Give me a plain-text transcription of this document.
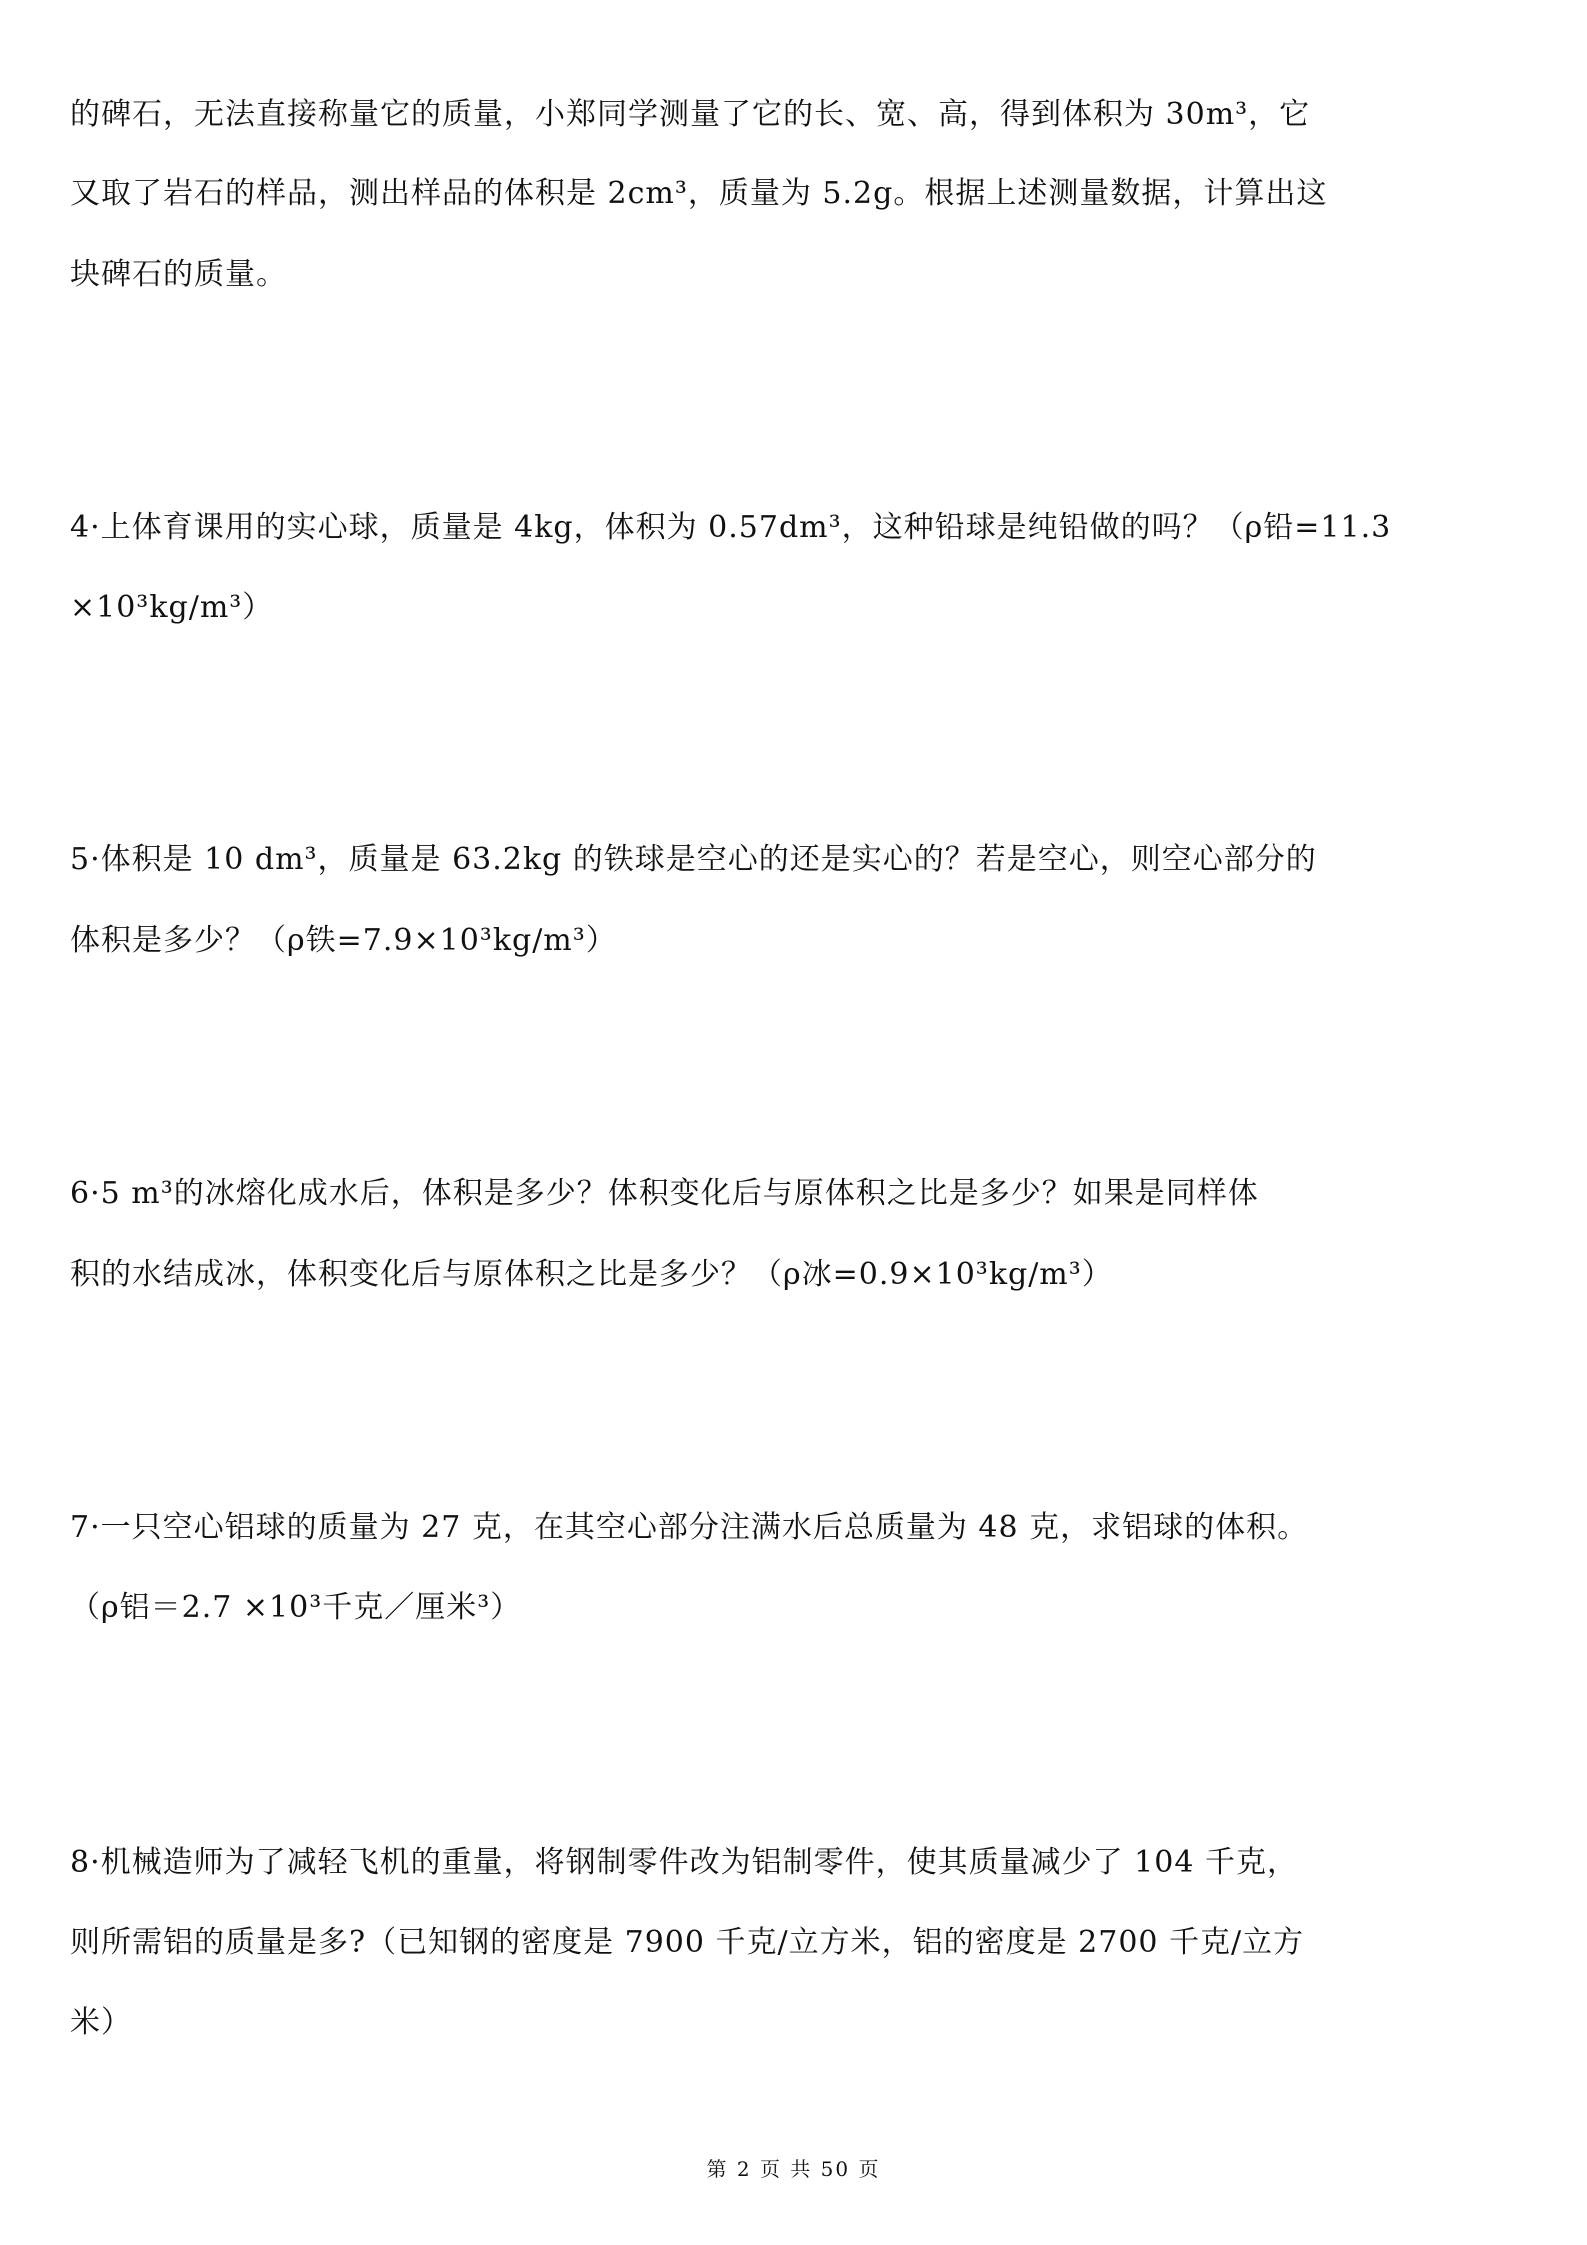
的碑石，无法直接称量它的质量，小郑同学测量了它的长、宽、高，得到体积为 30m³，它
又取了岩石的样品，测出样品的体积是 2cm³，质量为 5.2g。根据上述测量数据，计算出这
块碑石的质量。
4·上体育课用的实心球，质量是 4kg，体积为 0.57dm³，这种铅球是纯铅做的吗？（ρ铅=11.3
×10³kg/m³）
5·体积是 10 dm³，质量是 63.2kg 的铁球是空心的还是实心的？若是空心，则空心部分的
体积是多少？（ρ铁=7.9×10³kg/m³）
6·5 m³的冰熔化成水后，体积是多少？体积变化后与原体积之比是多少？如果是同样体
积的水结成冰，体积变化后与原体积之比是多少？（ρ冰=0.9×10³kg/m³）
7·一只空心铝球的质量为 27 克，在其空心部分注满水后总质量为 48 克，求铝球的体积。
（ρ铝＝2.7 ×10³千克／厘米³）
8·机械造师为了减轻飞机的重量，将钢制零件改为铝制零件，使其质量减少了 104 千克，
则所需铝的质量是多?（已知钢的密度是 7900 千克/立方米，铝的密度是 2700 千克/立方
米）
第 2 页 共 50 页
